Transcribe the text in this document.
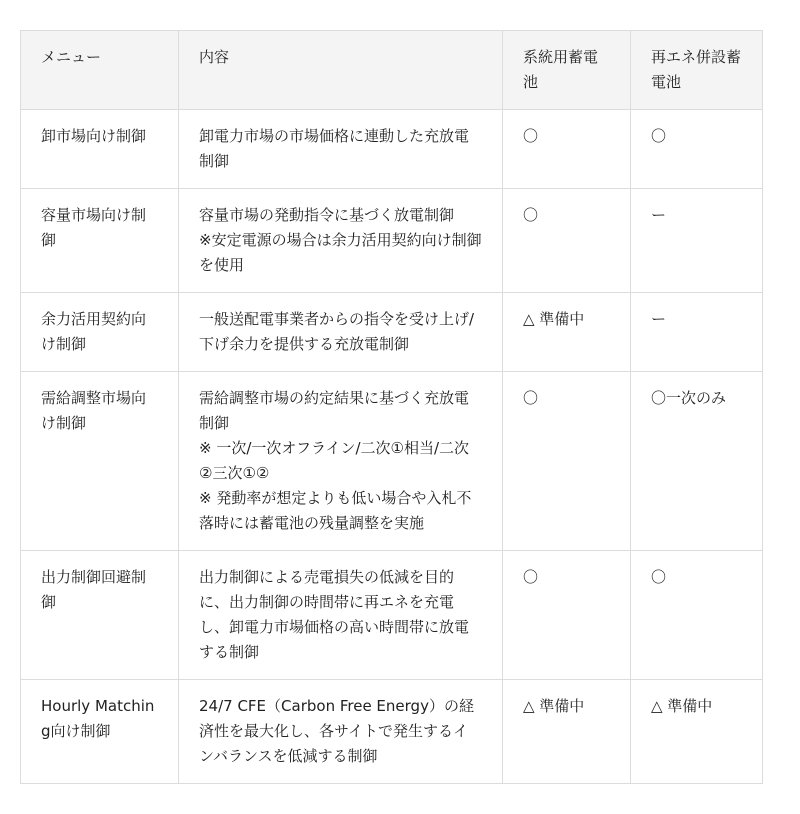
メニュー	内容	系統用蓄電池	再エネ併設蓄電池

卸市場向け制御	卸電力市場の市場価格に連動した充放電制御	〇	〇

容量市場向け制御	容量市場の発動指令に基づく放電制御
※安定電源の場合は余力活用契約向け制御を使用	〇	ー

余力活用契約向け制御	一般送配電事業者からの指令を受け上げ/下げ余力を提供する充放電制御	△ 準備中	ー

需給調整市場向け制御	需給調整市場の約定結果に基づく充放電制御
※ 一次/一次オフライン/二次①相当/二次②三次①②
※ 発動率が想定よりも低い場合や入札不落時には蓄電池の残量調整を実施	〇	〇一次のみ

出力制御回避制御	出力制御による売電損失の低減を目的に、出力制御の時間帯に再エネを充電し、卸電力市場価格の高い時間帯に放電する制御	〇	〇

Hourly Matching向け制御	24/7 CFE（Carbon Free Energy）の経済性を最大化し、各サイトで発生するインバランスを低減する制御	△ 準備中	△ 準備中
